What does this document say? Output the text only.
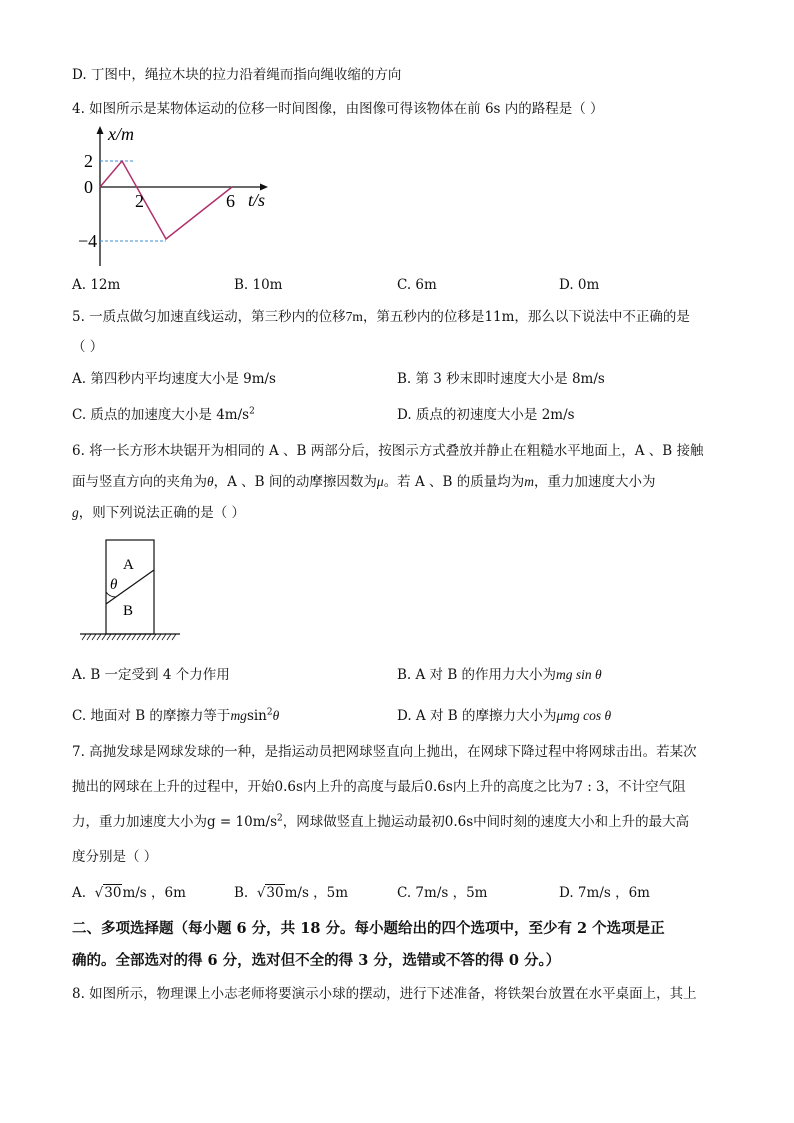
D. 丁图中，绳拉木块的拉力沿着绳而指向绳收缩的方向
4. 如图所示是某物体运动的位移一时间图像，由图像可得该物体在前 6s 内的路程是（ ）
x/m
t/s
2
0
−4
2	6
A. 12m	B. 10m	C. 6m	D. 0m
5. 一质点做匀加速直线运动，第三秒内的位移7m，第五秒内的位移是11m，那么以下说法中不正确的是
（ ）
A. 第四秒内平均速度大小是 9m/s	B. 第 3 秒末即时速度大小是 8m/s
C. 质点的加速度大小是 $4m/s^2$	D. 质点的初速度大小是 2m/s
6. 将一长方形木块锯开为相同的 A 、B 两部分后，按图示方式叠放并静止在粗糙水平地面上，A 、B 接触
面与竖直方向的夹角为θ，A 、B 间的动摩擦因数为μ。若 A 、B 的质量均为m，重力加速度大小为
g，则下列说法正确的是（ ）
A
θ
B
A. B 一定受到 4 个力作用	B. A 对 B 的作用力大小为mg sin θ
C. 地面对 B 的摩擦力等于mgsin$^2$θ	D. A 对 B 的摩擦力大小为μmg cos θ
7. 高抛发球是网球发球的一种，是指运动员把网球竖直向上抛出，在网球下降过程中将网球击出。若某次
抛出的网球在上升的过程中，开始0.6s内上升的高度与最后0.6s内上升的高度之比为7 : 3，不计空气阻
力，重力加速度大小为$g = 10m/s^2$，网球做竖直上抛运动最初0.6s中间时刻的速度大小和上升的最大高
度分别是（ ）
A. √30m/s ，6m	B. √30m/s ，5m	C. 7m/s ，5m	D. 7m/s ，6m
二、多项选择题（每小题 6 分，共 18 分。每小题给出的四个选项中，至少有 2 个选项是正
确的。全部选对的得 6 分，选对但不全的得 3 分，选错或不答的得 0 分。）
8. 如图所示，物理课上小志老师将要演示小球的摆动，进行下述准备，将铁架台放置在水平桌面上，其上
